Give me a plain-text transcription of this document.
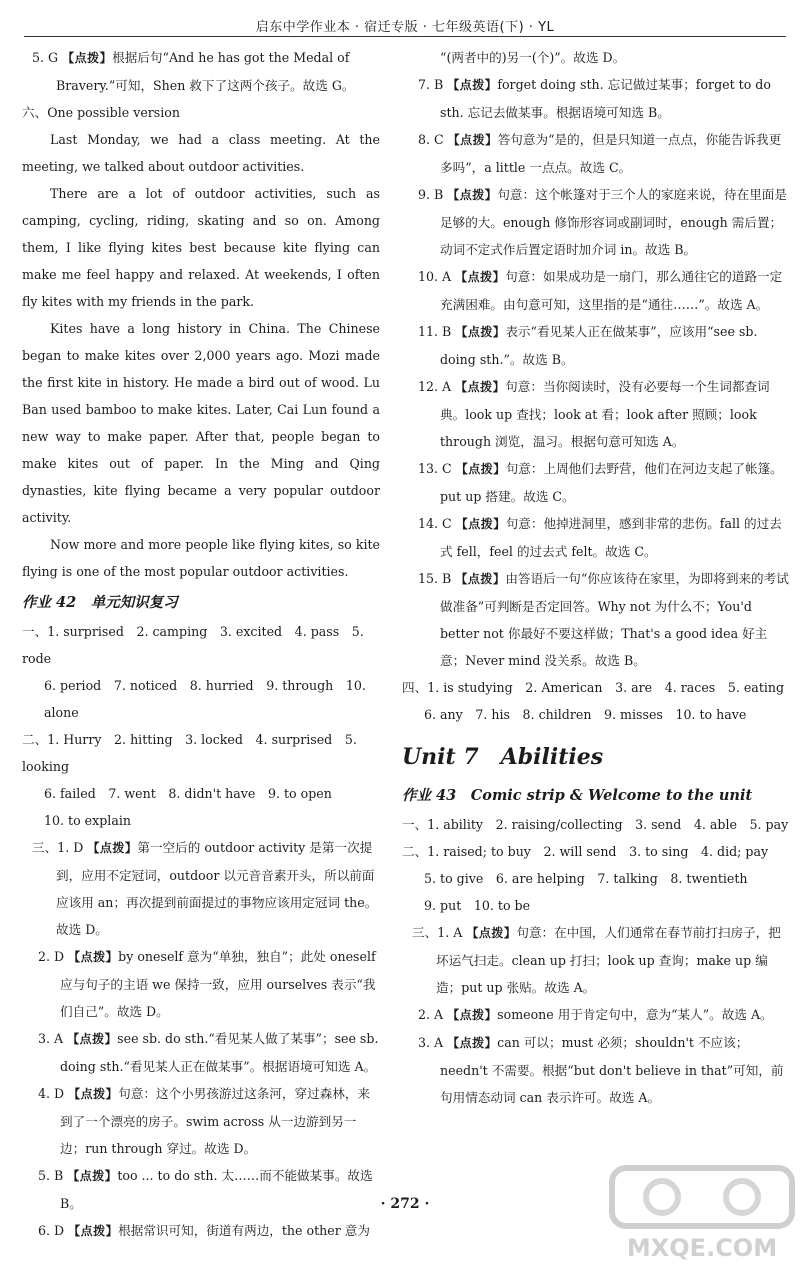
启东中学作业本 · 宿迁专版 · 七年级英语(下) · YL
5. G 【点拨】根据后句“And he has got the Medal of Bravery.”可知，Shen 救下了这两个孩子。故选 G。
六、One possible version
Last Monday, we had a class meeting. At the meeting, we talked about outdoor activities.
There are a lot of outdoor activities, such as camping, cycling, riding, skating and so on. Among them, I like flying kites best because kite flying can make me feel happy and relaxed. At weekends, I often fly kites with my friends in the park.
Kites have a long history in China. The Chinese began to make kites over 2,000 years ago. Mozi made the first kite in history. He made a bird out of wood. Lu Ban used bamboo to make kites. Later, Cai Lun found a new way to make paper. After that, people began to make kites out of paper. In the Ming and Qing dynasties, kite flying became a very popular outdoor activity.
Now more and more people like flying kites, so kite flying is one of the most popular outdoor activities.
作业 42　单元知识复习
一、1. surprised　2. camping　3. excited　4. pass　5. rode
6. period　7. noticed　8. hurried　9. through　10. alone
二、1. Hurry　2. hitting　3. locked　4. surprised　5. looking
6. failed　7. went　8. didn't have　9. to open
10. to explain
三、1. D 【点拨】第一空后的 outdoor activity 是第一次提到，应用不定冠词，outdoor 以元音音素开头，所以前面应该用 an；再次提到前面提过的事物应该用定冠词 the。故选 D。
2. D 【点拨】by oneself 意为“单独，独自”；此处 oneself 应与句子的主语 we 保持一致，应用 ourselves 表示“我们自己”。故选 D。
3. A 【点拨】see sb. do sth.“看见某人做了某事”；see sb. doing sth.“看见某人正在做某事”。根据语境可知选 A。
4. D 【点拨】句意：这个小男孩游过这条河，穿过森林，来到了一个漂亮的房子。swim across 从一边游到另一边；run through 穿过。故选 D。
5. B 【点拨】too ... to do sth. 太……而不能做某事。故选 B。
6. D 【点拨】根据常识可知，街道有两边，the other 意为
“(两者中的)另一(个)”。故选 D。
7. B 【点拨】forget doing sth. 忘记做过某事；forget to do sth. 忘记去做某事。根据语境可知选 B。
8. C 【点拨】答句意为“是的，但是只知道一点点，你能告诉我更多吗”，a little 一点点。故选 C。
9. B 【点拨】句意：这个帐篷对于三个人的家庭来说，待在里面是足够的大。enough 修饰形容词或副词时，enough 需后置；动词不定式作后置定语时加介词 in。故选 B。
10. A 【点拨】句意：如果成功是一扇门，那么通往它的道路一定充满困难。由句意可知，这里指的是“通往……”。故选 A。
11. B 【点拨】表示“看见某人正在做某事”，应该用“see sb. doing sth.”。故选 B。
12. A 【点拨】句意：当你阅读时，没有必要每一个生词都查词典。look up 查找；look at 看；look after 照顾；look through 浏览，温习。根据句意可知选 A。
13. C 【点拨】句意：上周他们去野营，他们在河边支起了帐篷。put up 搭建。故选 C。
14. C 【点拨】句意：他掉进洞里，感到非常的悲伤。fall 的过去式 fell，feel 的过去式 felt。故选 C。
15. B 【点拨】由答语后一句“你应该待在家里，为即将到来的考试做准备”可判断是否定回答。Why not 为什么不；You'd better not 你最好不要这样做；That's a good idea 好主意；Never mind 没关系。故选 B。
四、1. is studying　2. American　3. are　4. races　5. eating
6. any　7. his　8. children　9. misses　10. to have
Unit 7　Abilities
作业 43　Comic strip & Welcome to the unit
一、1. ability　2. raising/collecting　3. send　4. able　5. pay
二、1. raised; to buy　2. will send　3. to sing　4. did; pay
5. to give　6. are helping　7. talking　8. twentieth
9. put　10. to be
三、1. A 【点拨】句意：在中国，人们通常在春节前打扫房子，把坏运气扫走。clean up 打扫；look up 查询；make up 编造；put up 张贴。故选 A。
2. A 【点拨】someone 用于肯定句中，意为“某人”。故选 A。
3. A 【点拨】can 可以；must 必须；shouldn't 不应该；needn't 不需要。根据“but don't believe in that”可知，前句用情态动词 can 表示许可。故选 A。
· 272 ·
MXQE.COM
